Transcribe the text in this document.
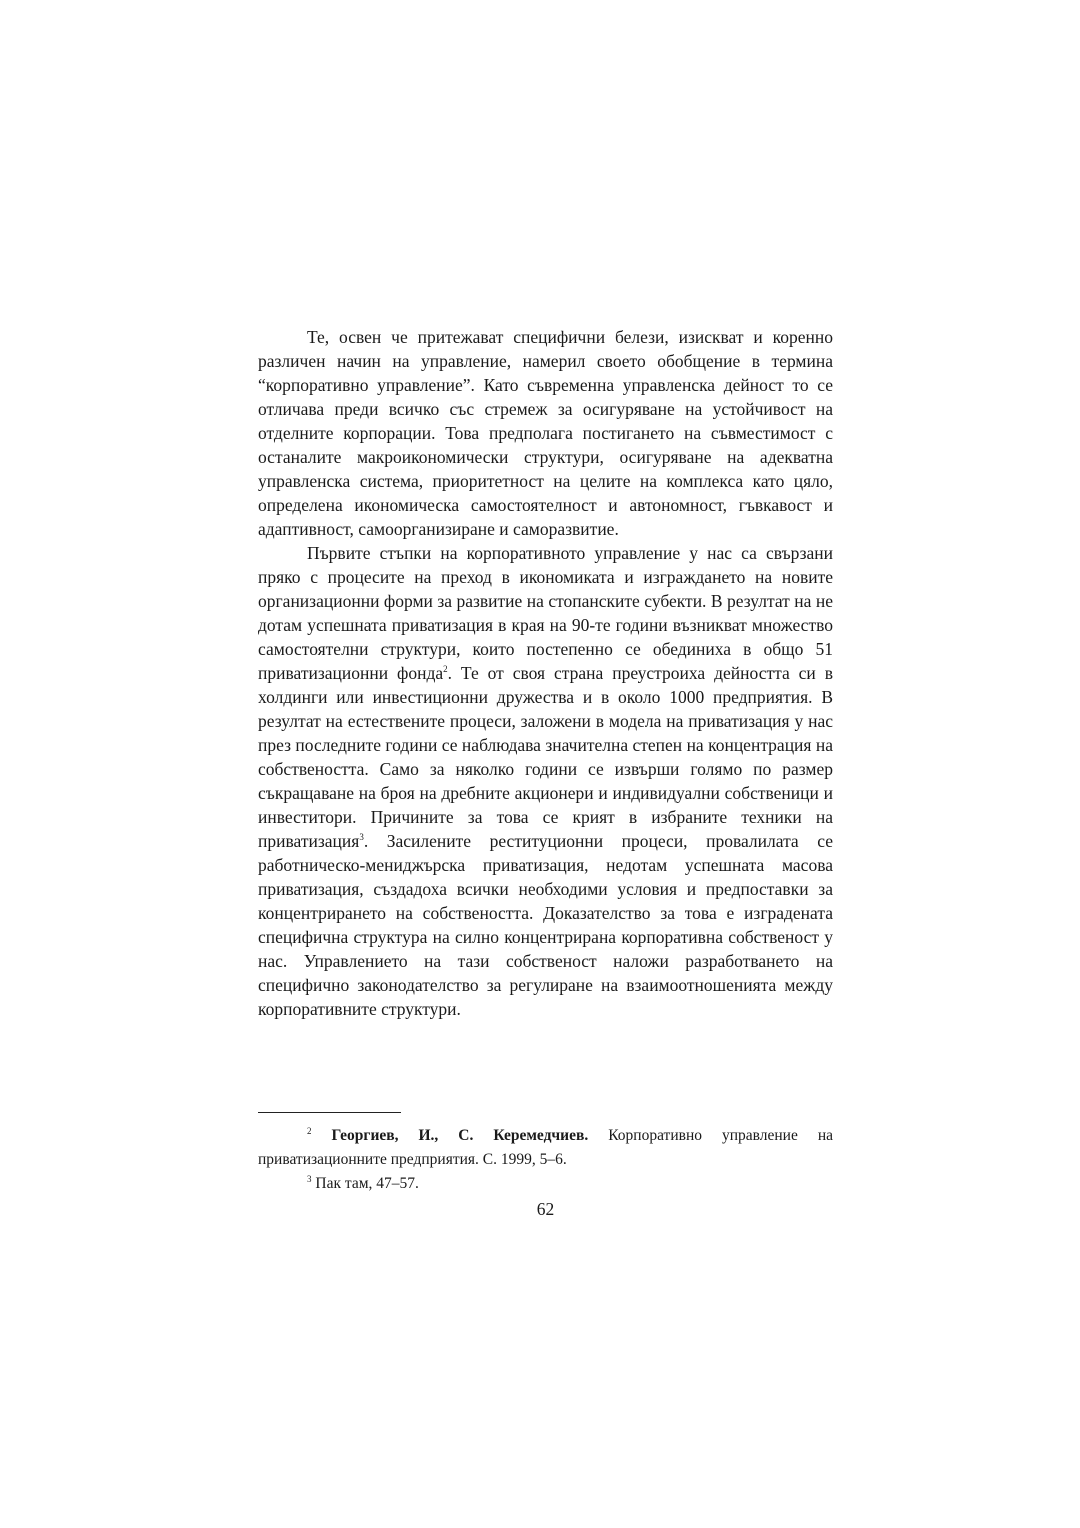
Те, освен че притежават специфични белези, изискват и коренно различен начин на управление, намерил своето обобщение в термина “корпоративно управление”. Като съвременна управленска дейност то се отличава преди всичко със стремеж за осигуряване на устойчивост на отделните корпорации. Това предполага постигането на съвместимост с останалите макроикономически структури, осигуряване на адекватна управленска система, приоритетност на целите на комплекса като цяло, определена икономическа самостоятелност и автономност, гъвкавост и адаптивност, самоорганизиране и саморазвитие.

Първите стъпки на корпоративното управление у нас са свързани пряко с процесите на преход в икономиката и изграждането на новите организационни форми за развитие на стопанските субекти. В резултат на не дотам успешната приватизация в края на 90-те години възникват множество самостоятелни структури, които постепенно се обединиха в общо 51 приватизационни фонда$^2$. Те от своя страна преустроиха дейността си в холдинги или инвестиционни дружества и в около 1000 предприятия. В резултат на естествените процеси, заложени в модела на приватизация у нас през последните години се наблюдава значителна степен на концентрация на собствеността. Само за няколко години се извърши голямо по размер съкращаване на броя на дребните акционери и индивидуални собственици и инвеститори. Причините за това се крият в избраните техники на приватизация$^3$. Засилените реституционни процеси, провалилата се работническо-мениджърска приватизация, недотам успешната масова приватизация, създадоха всички необходими условия и предпоставки за концентрирането на собствеността. Доказателство за това е изградената специфична структура на силно концентрирана корпоративна собственост у нас. Управлението на тази собственост наложи разработването на специфично законодателство за регулиране на взаимоотношенията между корпоративните структури.

$^2$ Георгиев, И., С. Керемедчиев. Корпоративно управление на приватизационните предприятия. С. 1999, 5–6.

$^3$ Пак там, 47–57.

62
